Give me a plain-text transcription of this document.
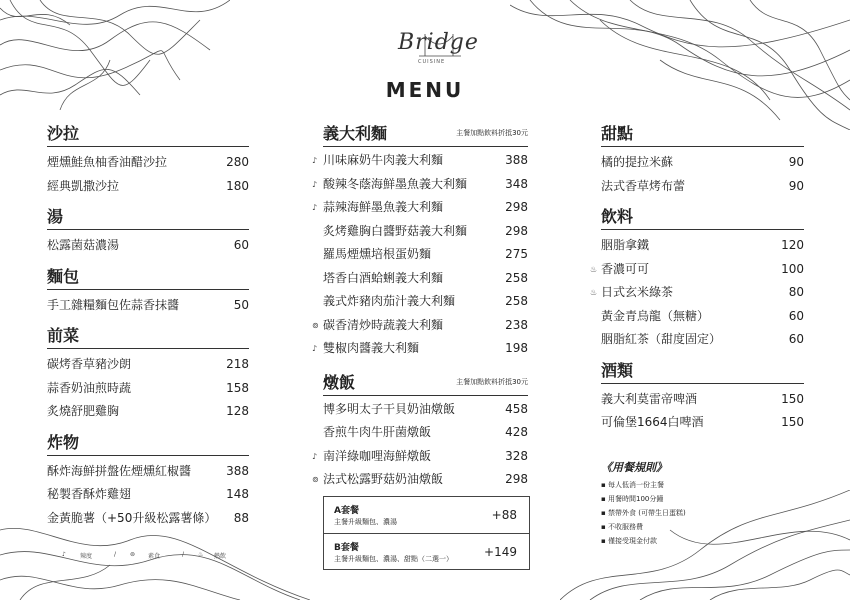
Bridge
CUISINE
MENU
沙拉
煙燻鮭魚柚香油醋沙拉	280
經典凱撒沙拉	180
湯
松露菌菇濃湯	60
麵包
手工雜糧麵包佐蒜香抹醬	50
前菜
碳烤香草豬沙朗	218
蒜香奶油煎時蔬	158
炙燒舒肥雞胸	128
炸物
酥炸海鮮拼盤佐煙燻紅椒醬	388
秘製香酥炸雞翅	148
金黃脆薯（+50升級松露薯條） 88
♪ 辣度	/ ⊚ 素食	/ ♨ 熱飲
義大利麵	主餐加點飲料折抵30元
♪ 川味麻奶牛肉義大利麵	388
♪ 酸辣冬蔭海鮮墨魚義大利麵	348
♪ 蒜辣海鮮墨魚義大利麵	298
炙烤雞胸白醬野菇義大利麵	298
羅馬煙燻培根蛋奶麵	275
塔香白酒蛤蜊義大利麵	258
義式炸豬肉茄汁義大利麵	258
⊚ 碳香清炒時蔬義大利麵	238
♪ 雙椒肉醬義大利麵	198
燉飯	主餐加點飲料折抵30元
博多明太子干貝奶油燉飯	458
香煎牛肉牛肝菌燉飯	428
♪ 南洋綠咖哩海鮮燉飯	328
⊚ 法式松露野菇奶油燉飯	298
A套餐
主餐升級麵包、濃湯	+88
B套餐
主餐升級麵包、濃湯、甜點（二選一）	+149
甜點
橘的提拉米蘇	90
法式香草烤布蕾	90
飲料
胭脂拿鐵	120
♨ 香濃可可	100
♨ 日式玄米綠茶	80
黃金青烏龍（無糖）	60
胭脂紅茶（甜度固定）	60
酒類
義大利莫雷帝啤酒	150
可倫堡1664白啤酒	150
《用餐規則》
▪ 每人低消一份主餐
▪ 用餐時間100分鐘
▪ 禁帶外食 (可帶生日蛋糕)
▪ 不收服務費
▪ 僅接受現金付款
